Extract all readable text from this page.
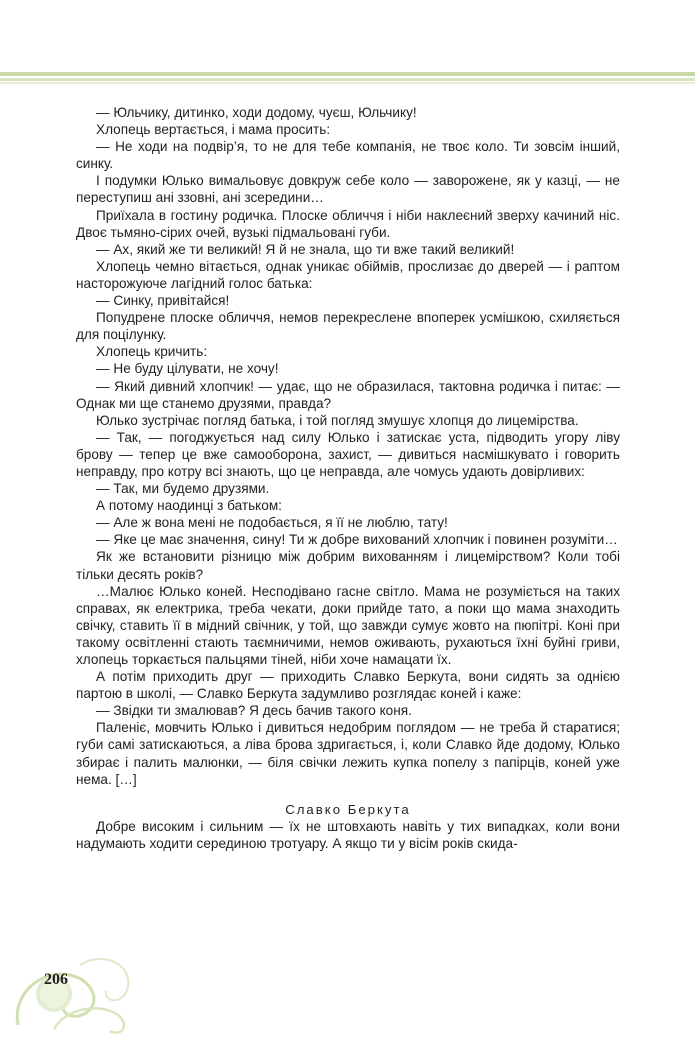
— Юльчику, дитинко, ходи додому, чуєш, Юльчику!

Хлопець вертається, і мама просить:

— Не ходи на подвір’я, то не для тебе компанія, не твоє коло. Ти зовсім інший, синку.

І подумки Юлько вимальовує довкруж себе коло — заворожене, як у казці, — не переступиш ані ззовні, ані зсередини…

Приїхала в гостину родичка. Плоске обличчя і ніби наклеєний зверху качиний ніс. Двоє тьмяно-сірих очей, вузькі підмальовані губи.

— Ах, який же ти великий! Я й не знала, що ти вже такий великий!

Хлопець чемно вітається, однак уникає обіймів, прослизає до дверей — і раптом насторожуюче лагідний голос батька:

— Синку, привітайся!

Попудрене плоске обличчя, немов перекреслене впоперек усмішкою, схиляється для поцілунку.

Хлопець кричить:

— Не буду цілувати, не хочу!

— Який дивний хлопчик! — удає, що не образилася, тактовна родичка і питає: — Однак ми ще станемо друзями, правда?

Юлько зустрічає погляд батька, і той погляд змушує хлопця до лицемірства.

— Так, — погоджується над силу Юлько і затискає уста, підводить угору ліву брову — тепер це вже самооборона, захист, — дивиться насмішкувато і говорить неправду, про котру всі знають, що це неправда, але чомусь удають довірливих:

— Так, ми будемо друзями.

А потому наодинці з батьком:

— Але ж вона мені не подобається, я її не люблю, тату!

— Яке це має значення, сину! Ти ж добре вихований хлопчик і повинен розуміти…

Як же встановити різницю між добрим вихованням і лицемірством? Коли тобі тільки десять років?

…Малює Юлько коней. Несподівано гасне світло. Мама не розуміється на таких справах, як електрика, треба чекати, доки прийде тато, а поки що мама знаходить свічку, ставить її в мідний свічник, у той, що завжди сумує жовто на пюпітрі. Коні при такому освітленні стають таємничими, немов оживають, рухаються їхні буйні гриви, хлопець торкається пальцями тіней, ніби хоче намацати їх.

А потім приходить друг — приходить Славко Беркута, вони сидять за однією партою в школі, — Славко Беркута задумливо розглядає коней і каже:

— Звідки ти змалював? Я десь бачив такого коня.

Паленіє, мовчить Юлько і дивиться недобрим поглядом — не треба й старатися; губи самі затискаються, а ліва брова здригається, і, коли Славко йде додому, Юлько збирає і палить малюнки, — біля свічки лежить купка попелу з папірців, коней уже нема. […]

Славко Беркута

Добре високим і сильним — їх не штовхають навіть у тих випадках, коли вони надумають ходити серединою тротуару. А якщо ти у вісім років скида-

206
